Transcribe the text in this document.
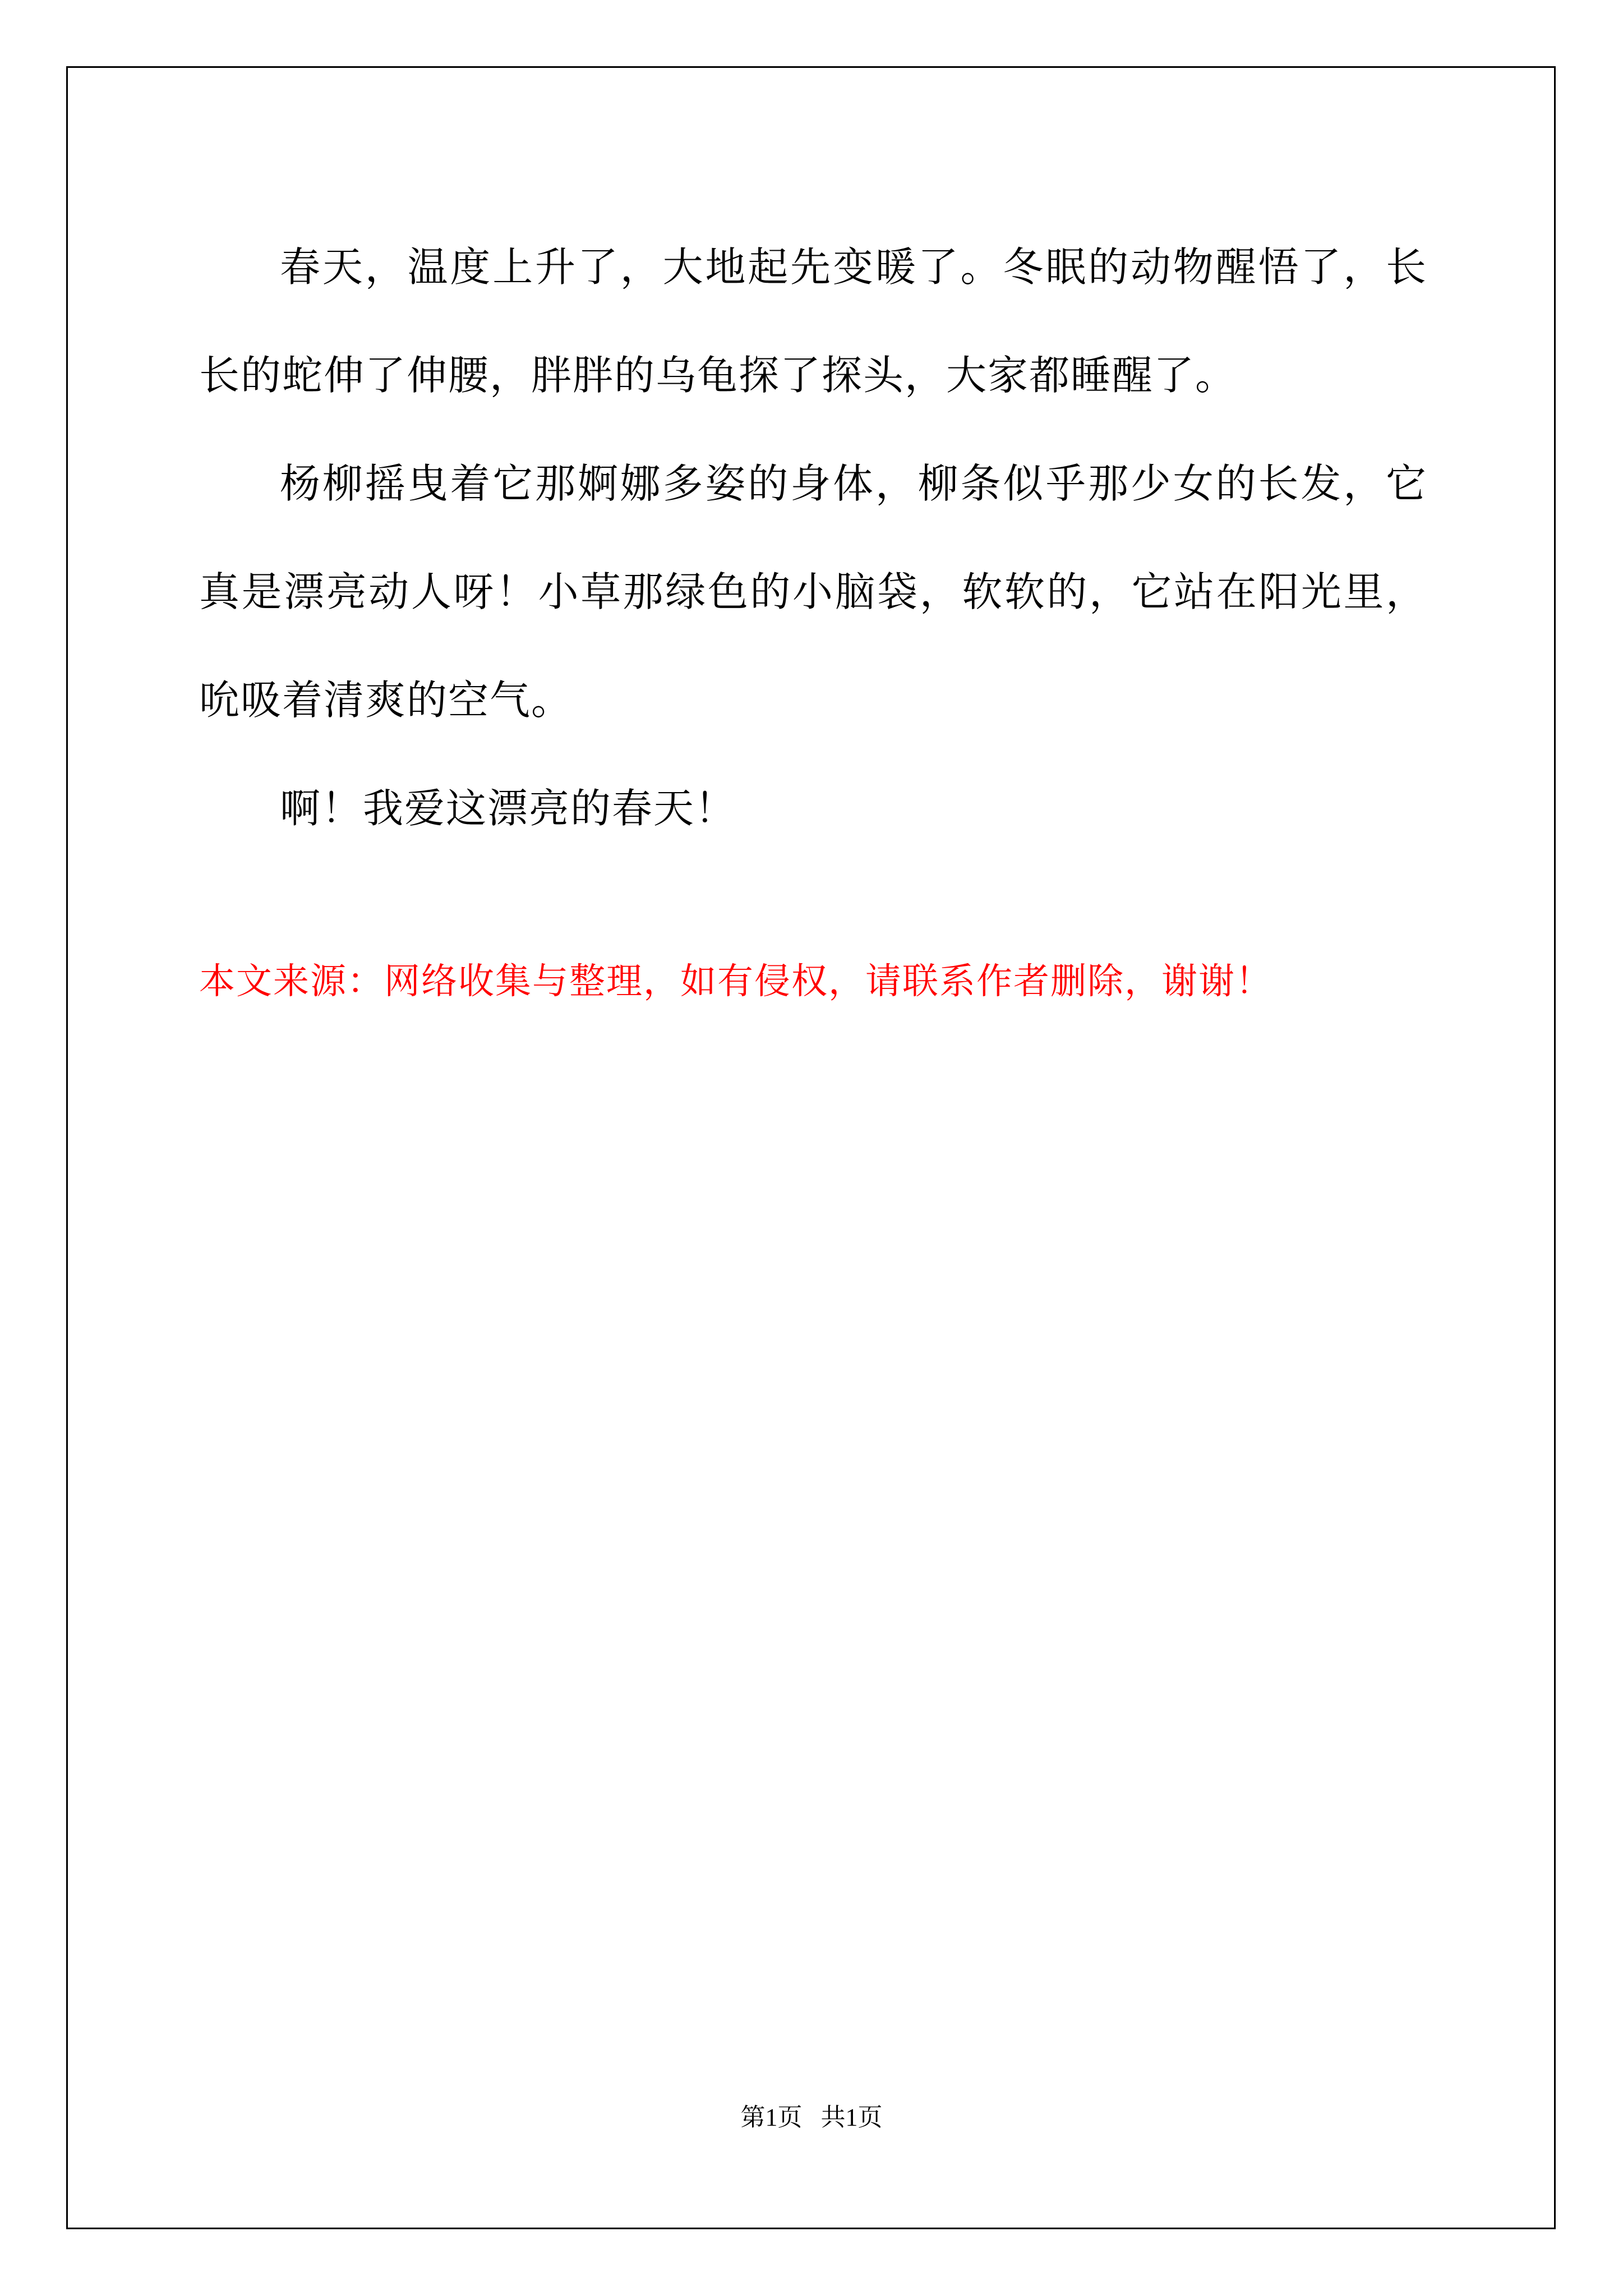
春天，温度上升了，大地起先变暖了。冬眠的动物醒悟了，长长的蛇伸了伸腰，胖胖的乌龟探了探头，大家都睡醒了。

杨柳摇曳着它那婀娜多姿的身体，柳条似乎那少女的长发，它真是漂亮动人呀！小草那绿色的小脑袋，软软的，它站在阳光里，吮吸着清爽的空气。

啊！我爱这漂亮的春天！

本文来源：网络收集与整理，如有侵权，请联系作者删除，谢谢！

第1页   共1页
